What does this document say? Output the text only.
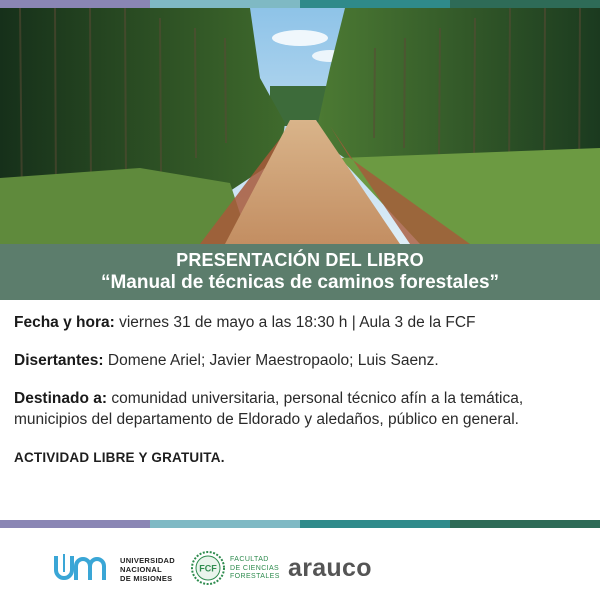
PRESENTACIÓN DEL LIBRO
“Manual de técnicas de caminos forestales”

Fecha y hora: viernes 31 de mayo a las 18:30 h | Aula 3 de la FCF

Disertantes: Domene Ariel; Javier Maestropaolo; Luis Saenz.

Destinado a: comunidad universitaria, personal técnico afín a la temática, municipios del departamento de Eldorado y aledaños, público en general.

ACTIVIDAD LIBRE Y GRATUITA.
UNIVERSIDAD
NACIONAL
DE MISIONES
FCF
FACULTAD
DE CIENCIAS
FORESTALES arauco
